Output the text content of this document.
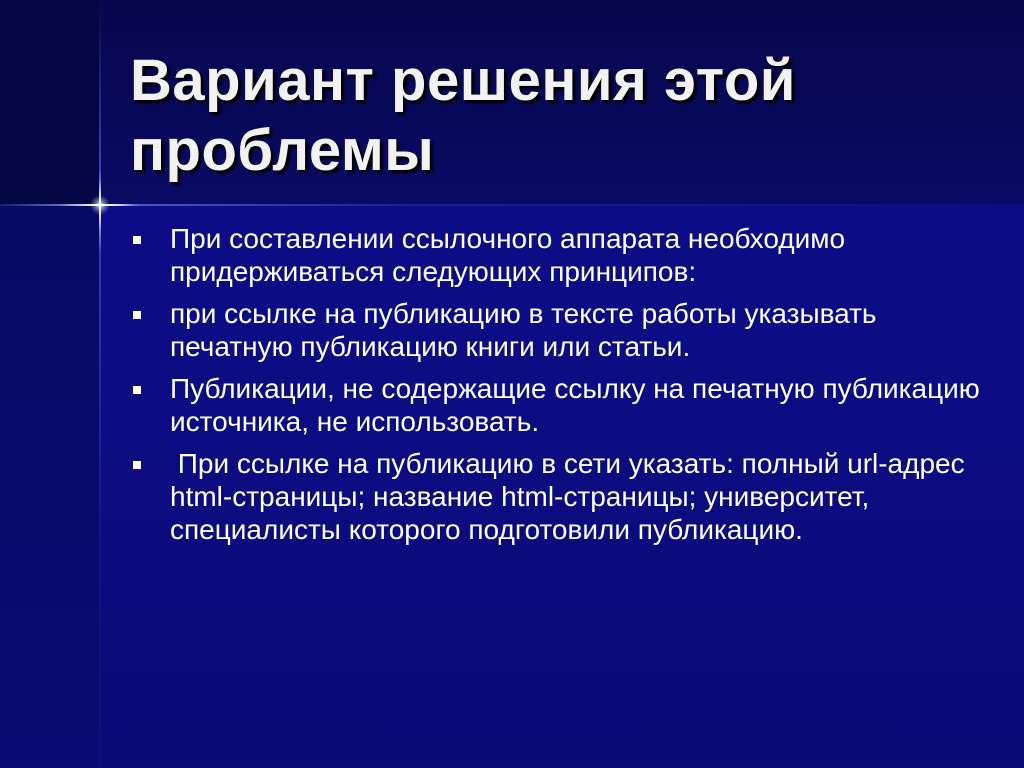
Вариант решения этой проблемы
При составлении ссылочного аппарата необходимо придерживаться следующих принципов:
при ссылке на публикацию в тексте работы указывать печатную публикацию книги или статьи.
Публикации, не содержащие ссылку на печатную публикацию источника, не использовать.
При ссылке на публикацию в сети указать: полный url-адрес html-страницы; название html-страницы; университет, специалисты которого подготовили публикацию.
